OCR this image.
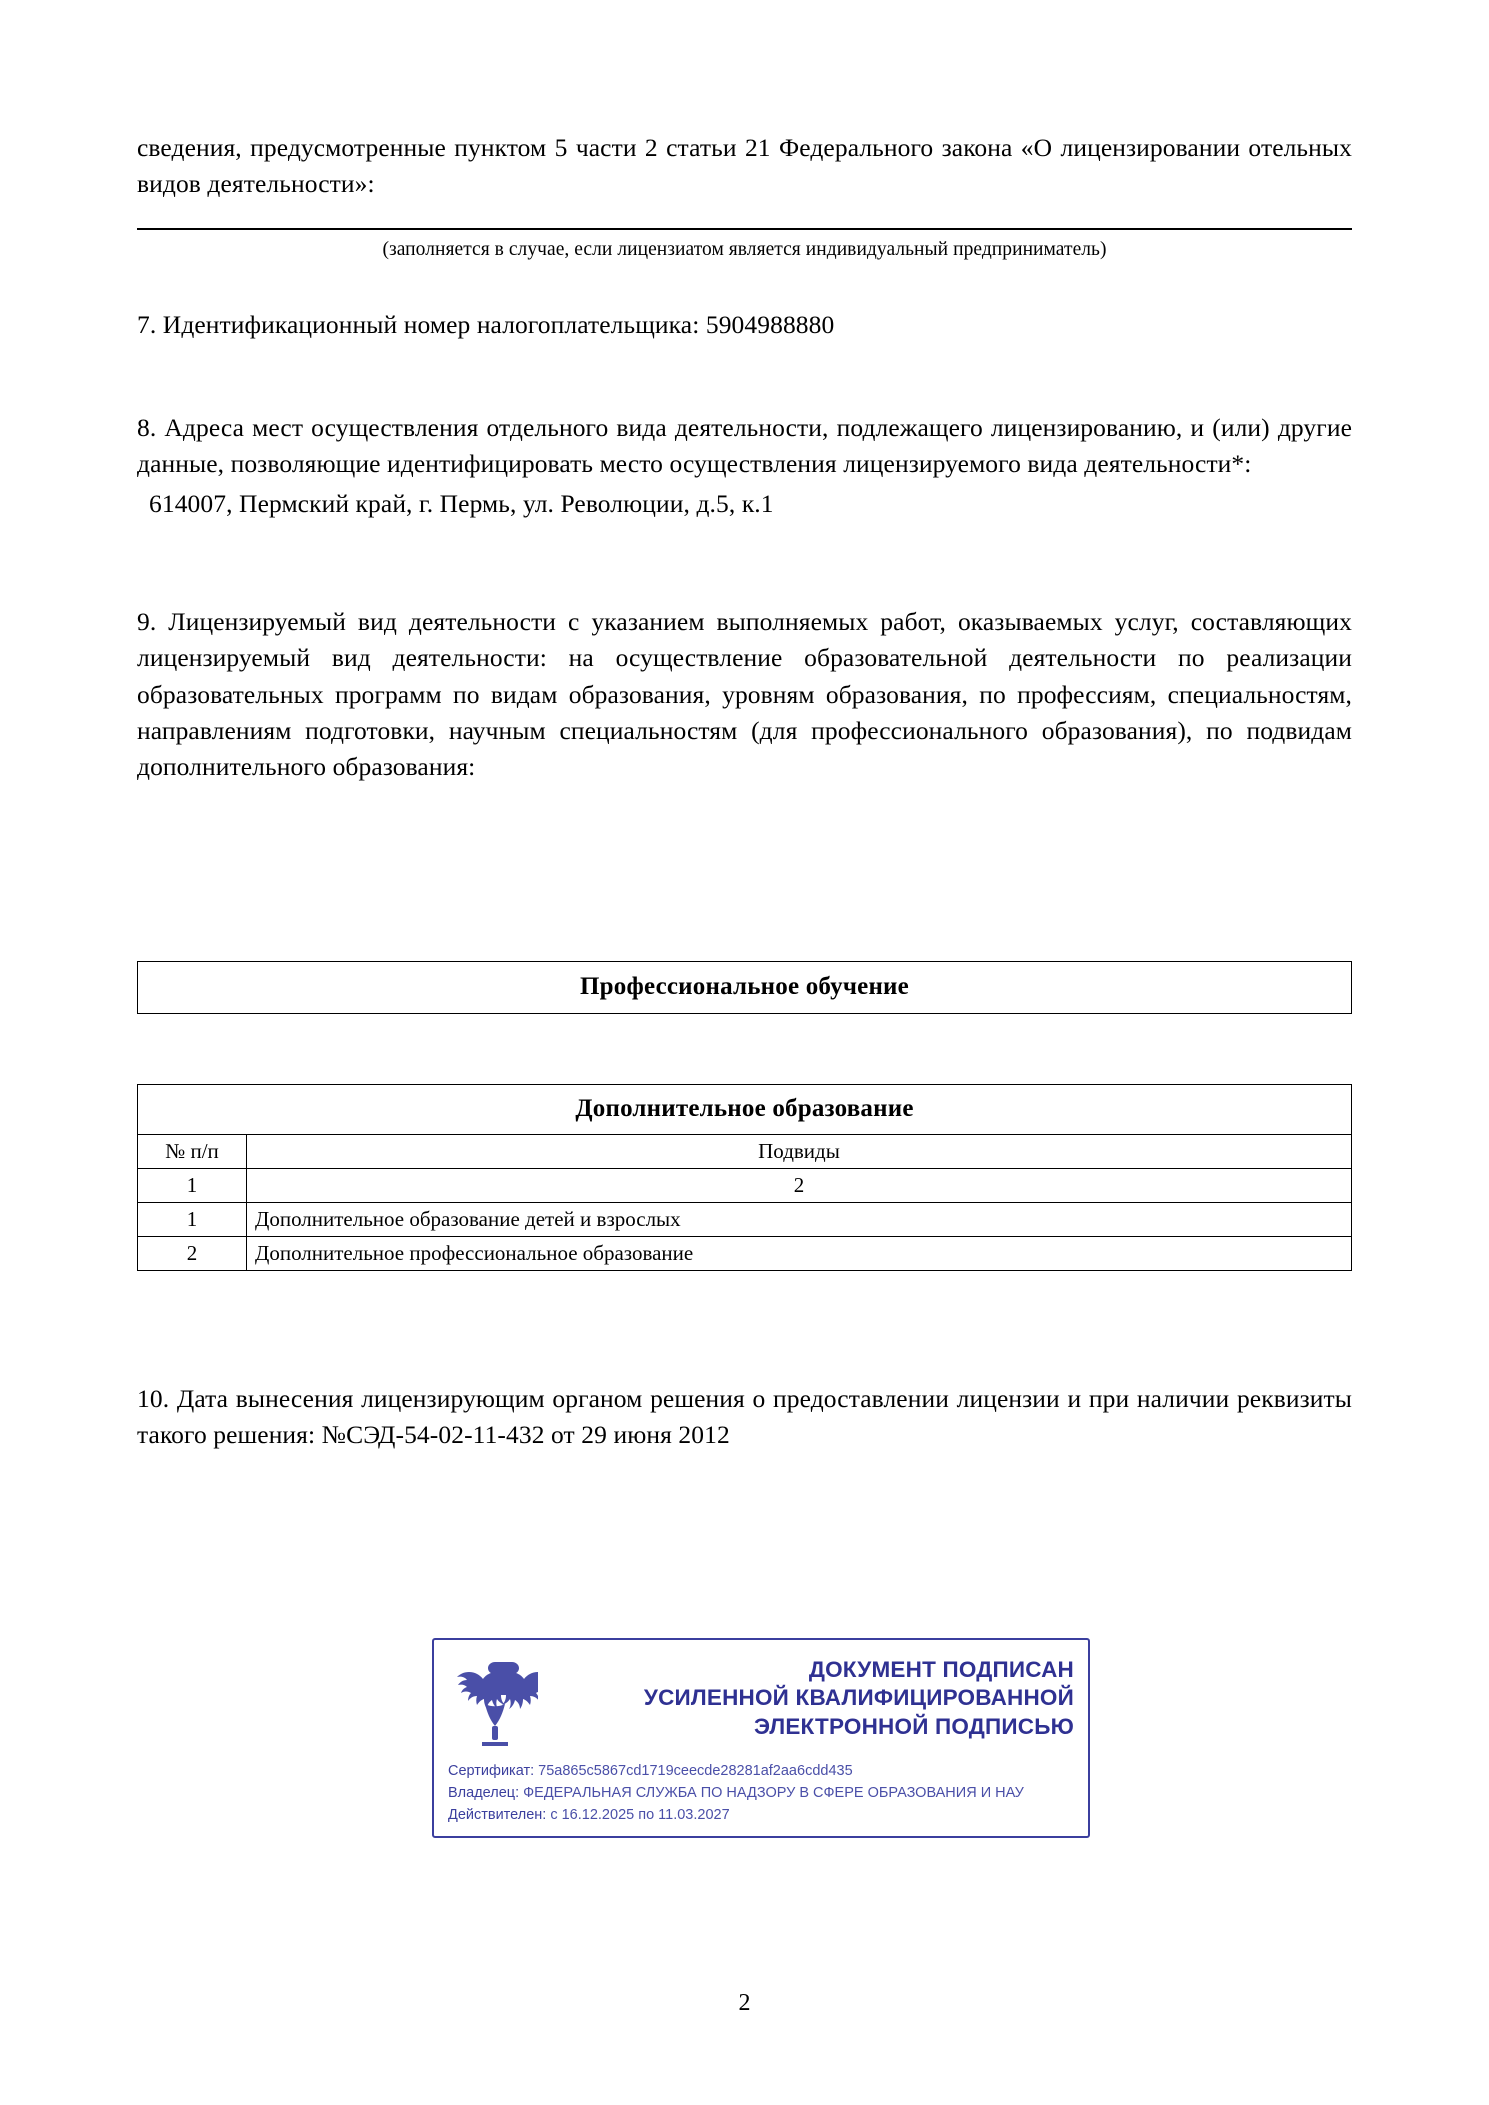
сведения, предусмотренные пунктом 5 части 2 статьи 21 Федерального закона «О лицензировании отельных видов деятельности»:

(заполняется в случае, если лицензиатом является индивидуальный предприниматель)

7. Идентификационный номер налогоплательщика: 5904988880

8. Адреса мест осуществления отдельного вида деятельности, подлежащего лицензированию, и (или) другие данные, позволяющие идентифицировать место осуществления лицензируемого вида деятельности*:

614007, Пермский край, г. Пермь, ул. Революции, д.5, к.1

9. Лицензируемый вид деятельности с указанием выполняемых работ, оказываемых услуг, составляющих лицензируемый вид деятельности: на осуществление образовательной деятельности по реализации образовательных программ по видам образования, уровням образования, по профессиям, специальностям, направлениям подготовки, научным специальностям (для профессионального образования), по подвидам дополнительного образования:

Профессиональное обучение
Дополнительное образование	
№ п/п	Подвиды
1	2
1	Дополнительное образование детей и взрослых
2	Дополнительное профессиональное образование

10. Дата вынесения лицензирующим органом решения о предоставлении лицензии и при наличии реквизиты такого решения: №СЭД-54-02-11-432 от 29 июня 2012

ДОКУМЕНТ ПОДПИСАН
УСИЛЕННОЙ КВАЛИФИЦИРОВАННОЙ
ЭЛЕКТРОННОЙ ПОДПИСЬЮ
Сертификат: 75a865c5867cd1719ceecde28281af2aa6cdd435
Владелец: ФЕДЕРАЛЬНАЯ СЛУЖБА ПО НАДЗОРУ В СФЕРЕ ОБРАЗОВАНИЯ И НАУ
Действителен: с 16.12.2025 по 11.03.2027
2
